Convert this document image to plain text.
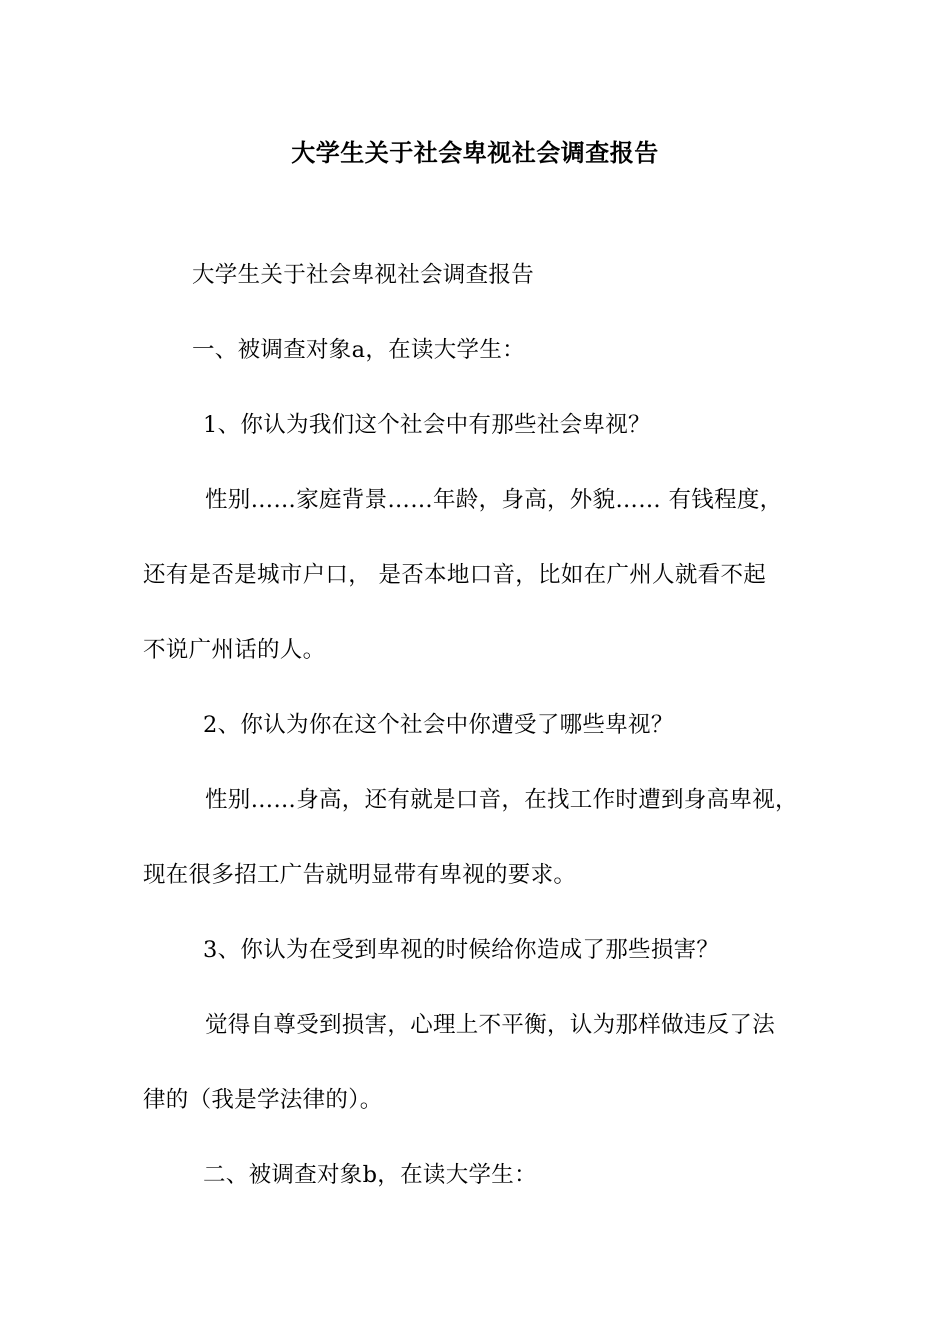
大学生关于社会卑视社会调查报告
大学生关于社会卑视社会调查报告
一、被调查对象a，在读大学生：
1、你认为我们这个社会中有那些社会卑视？
性别……家庭背景……年龄，身高，外貌…… 有钱程度，
还有是否是城市户口， 是否本地口音，比如在广州人就看不起
不说广州话的人。
2、你认为你在这个社会中你遭受了哪些卑视？
性别……身高，还有就是口音，在找工作时遭到身高卑视，
现在很多招工广告就明显带有卑视的要求。
3、你认为在受到卑视的时候给你造成了那些损害？
觉得自尊受到损害，心理上不平衡，认为那样做违反了法
律的（我是学法律的）。
二、被调查对象b，在读大学生：
